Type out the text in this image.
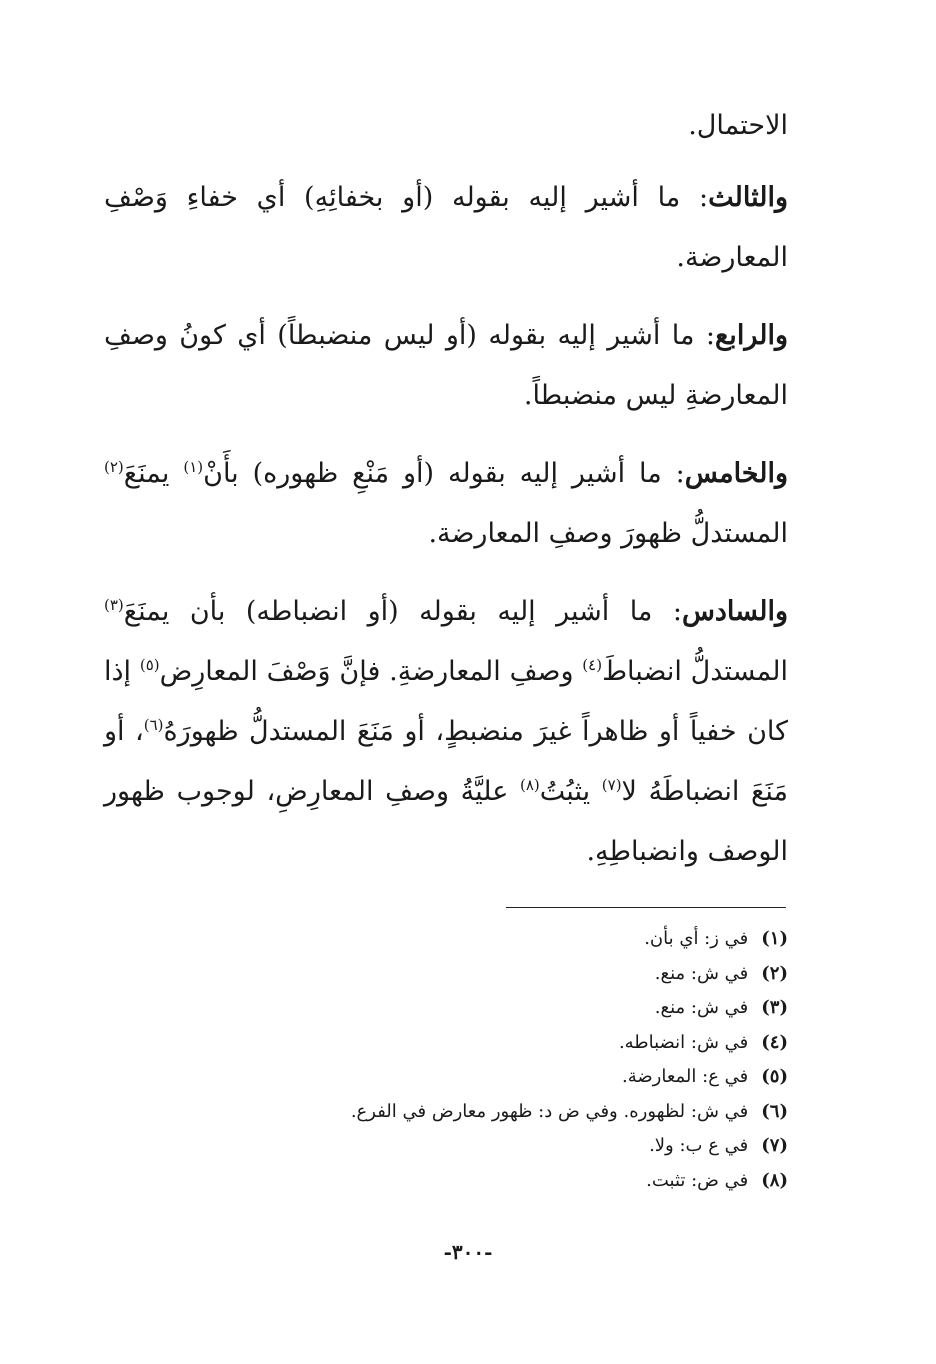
الاحتمال.

والثالث: ما أشير إليه بقوله (أو بخفائِهِ) أي خفاءِ وَصْفِ المعارضة.

والرابع: ما أشير إليه بقوله (أو ليس منضبطاً) أي كونُ وصفِ المعارضةِ ليس منضبطاً.

والخامس: ما أشير إليه بقوله (أو مَنْعِ ظهوره) بأَنْ$^{(١)}$ يمنَعَ$^{(٢)}$ المستدلُّ ظهورَ وصفِ المعارضة.

والسادس: ما أشير إليه بقوله (أو انضباطه) بأن يمنَعَ$^{(٣)}$ المستدلُّ انضباطَ$^{(٤)}$ وصفِ المعارضةِ. فإنَّ وَصْفَ المعارِض$^{(٥)}$ إذا كان خفياً أو ظاهراً غيرَ منضبطٍ، أو مَنَعَ المستدلُّ ظهورَهُ$^{(٦)}$، أو مَنَعَ انضباطَهُ لا$^{(٧)}$ يثبُتُ$^{(٨)}$ عليَّةُ وصفِ المعارِضِ، لوجوب ظهور الوصف وانضباطِهِ.

(١) في ز: أي بأن.
(٢) في ش: منع.
(٣) في ش: منع.
(٤) في ش: انضباطه.
(٥) في ع: المعارضة.
(٦) في ش: لظهوره. وفي ض د: ظهور معارض في الفرع.
(٧) في ع ب: ولا.
(٨) في ض: تثبت.
-٣٠٠-
